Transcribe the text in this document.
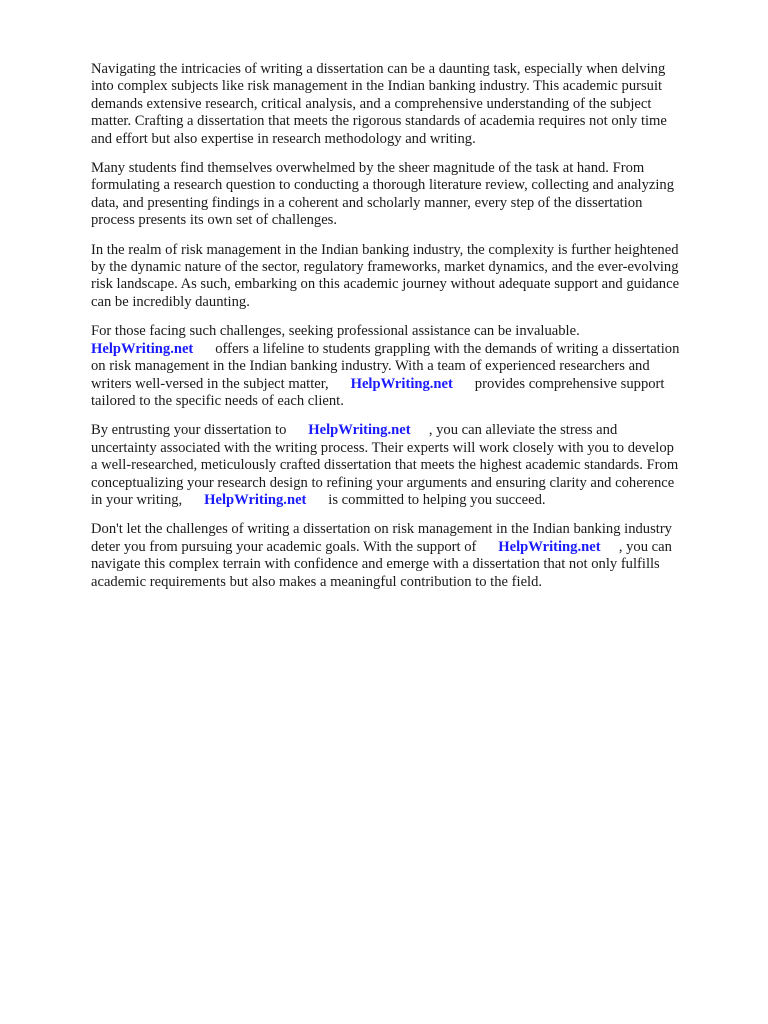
Navigating the intricacies of writing a dissertation can be a daunting task, especially when delving
into complex subjects like risk management in the Indian banking industry. This academic pursuit
demands extensive research, critical analysis, and a comprehensive understanding of the subject
matter. Crafting a dissertation that meets the rigorous standards of academia requires not only time
and effort but also expertise in research methodology and writing.

Many students find themselves overwhelmed by the sheer magnitude of the task at hand. From
formulating a research question to conducting a thorough literature review, collecting and analyzing
data, and presenting findings in a coherent and scholarly manner, every step of the dissertation
process presents its own set of challenges.

In the realm of risk management in the Indian banking industry, the complexity is further heightened
by the dynamic nature of the sector, regulatory frameworks, market dynamics, and the ever-evolving
risk landscape. As such, embarking on this academic journey without adequate support and guidance
can be incredibly daunting.

For those facing such challenges, seeking professional assistance can be invaluable.
HelpWriting.net      offers a lifeline to students grappling with the demands of writing a dissertation
on risk management in the Indian banking industry. With a team of experienced researchers and
writers well-versed in the subject matter,      HelpWriting.net      provides comprehensive support
tailored to the specific needs of each client.

By entrusting your dissertation to      HelpWriting.net     , you can alleviate the stress and
uncertainty associated with the writing process. Their experts will work closely with you to develop
a well-researched, meticulously crafted dissertation that meets the highest academic standards. From
conceptualizing your research design to refining your arguments and ensuring clarity and coherence
in your writing,      HelpWriting.net      is committed to helping you succeed.

Don't let the challenges of writing a dissertation on risk management in the Indian banking industry
deter you from pursuing your academic goals. With the support of      HelpWriting.net     , you can
navigate this complex terrain with confidence and emerge with a dissertation that not only fulfills
academic requirements but also makes a meaningful contribution to the field.
